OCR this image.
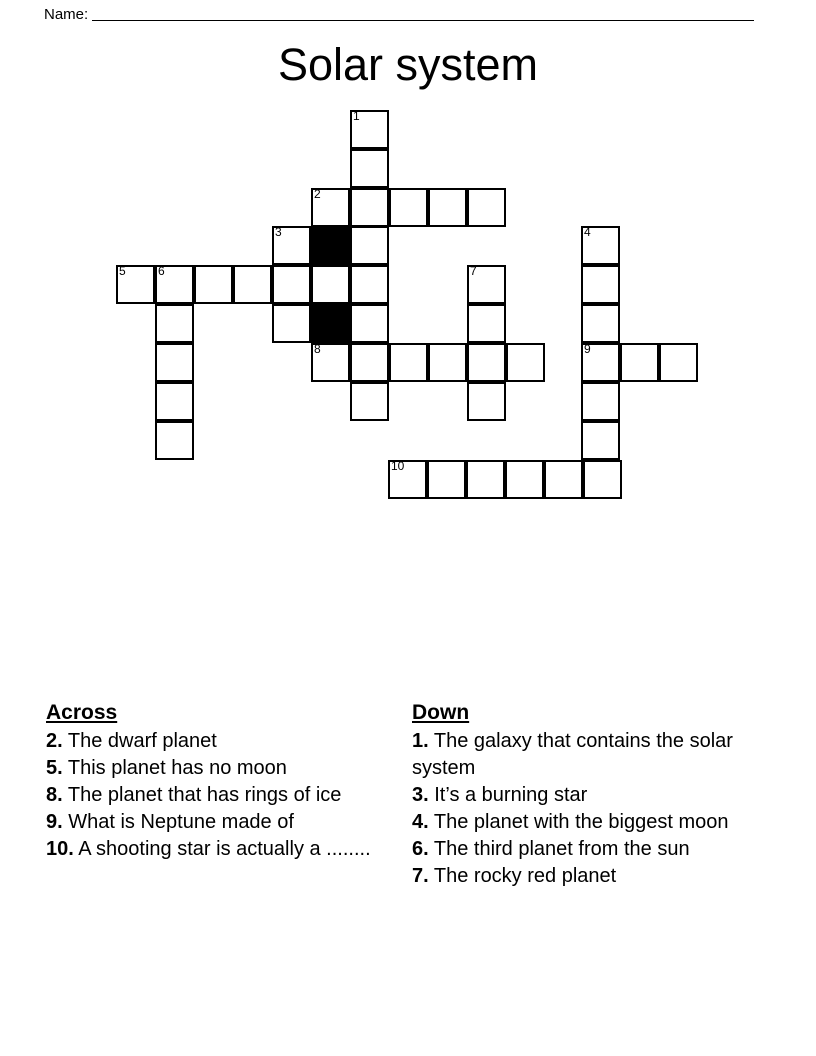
Name:
Solar system
1
2
3	4
5	6	7
8	9
10
Across
2. The dwarf planet
5. This planet has no moon
8. The planet that has rings of ice
9. What is Neptune made of
10. A shooting star is actually a ........
Down
1. The galaxy that contains the solar system
3. It’s a burning star
4. The planet with the biggest moon
6. The third planet from the sun
7. The rocky red planet
